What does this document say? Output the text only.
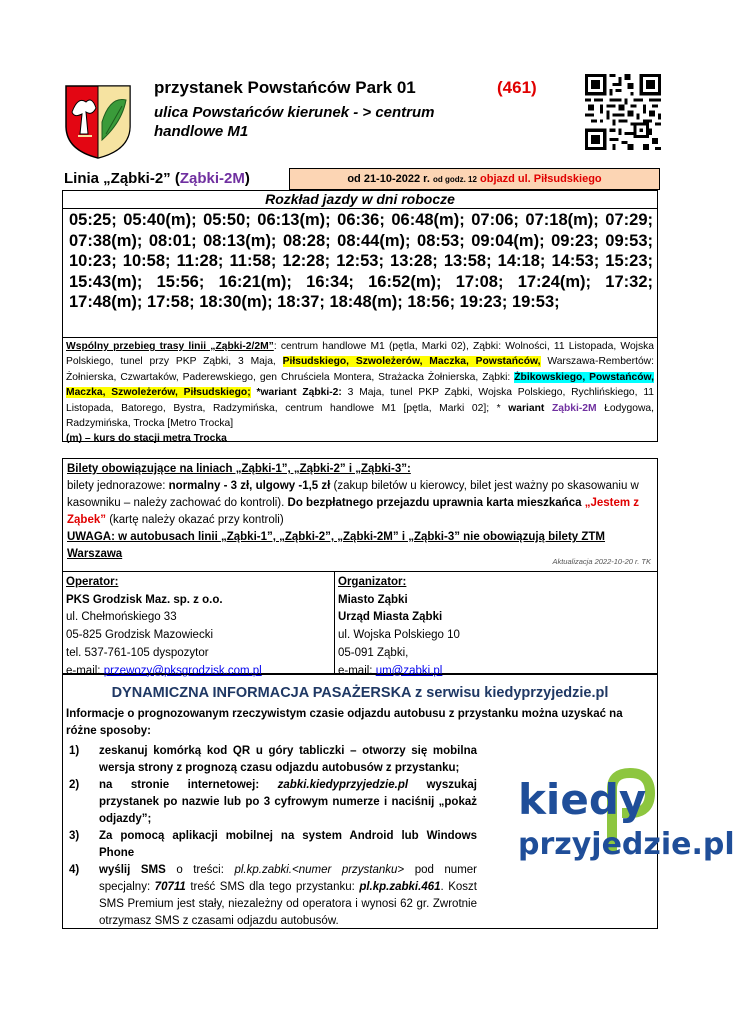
przystanek Powstańców Park 01	(461)
ulica Powstańców kierunek - > centrum
handlowe M1
Linia „Ząbki-2” (Ząbki-2M)	od 21-10-2022 r. od godz. 12 objazd ul. Piłsudskiego
Rozkład jazdy w dni robocze
05:25; 05:40(m); 05:50; 06:13(m); 06:36; 06:48(m); 07:06; 07:18(m); 07:29; 07:38(m); 08:01; 08:13(m); 08:28; 08:44(m); 08:53; 09:04(m); 09:23; 09:53; 10:23; 10:58; 11:28; 11:58; 12:28; 12:53; 13:28; 13:58; 14:18; 14:53; 15:23; 15:43(m); 15:56; 16:21(m); 16:34; 16:52(m); 17:08; 17:24(m); 17:32; 17:48(m); 17:58; 18:30(m); 18:37; 18:48(m); 18:56; 19:23; 19:53;
Wspólny przebieg trasy linii „Ząbki-2/2M”: centrum handlowe M1 (pętla, Marki 02), Ząbki: Wolności, 11 Listopada, Wojska Polskiego, tunel przy PKP Ząbki, 3 Maja, Piłsudskiego, Szwoleżerów, Maczka, Powstańców, Warszawa-Rembertów: Żołnierska, Czwartaków, Paderewskiego, gen Chruściela Montera, Strażacka Żołnierska, Ząbki: Żbikowskiego, Powstańców, Maczka, Szwoleżerów, Piłsudskiego; *wariant Ząbki-2: 3 Maja, tunel PKP Ząbki, Wojska Polskiego, Rychlińskiego, 11 Listopada, Batorego, Bystra, Radzymińska, centrum handlowe M1 [pętla, Marki 02]; * wariant Ząbki-2M Łodygowa, Radzymińska, Trocka [Metro Trocka]
(m) – kurs do stacji metra Trocka
Bilety obowiązujące na liniach „Ząbki-1”, „Ząbki-2” i „Ząbki-3”:
bilety jednorazowe: normalny - 3 zł, ulgowy -1,5 zł (zakup biletów u kierowcy, bilet jest ważny po skasowaniu w kasowniku – należy zachować do kontroli). Do bezpłatnego przejazdu uprawnia karta mieszkańca „Jestem z Ząbek” (kartę należy okazać przy kontroli)
UWAGA: w autobusach linii „Ząbki-1”, „Ząbki-2”, „Ząbki-2M” i „Ząbki-3” nie obowiązują bilety ZTM Warszawa
Aktualizacja 2022-10-20 r. TK
Operator:
PKS Grodzisk Maz. sp. z o.o.
ul. Chełmońskiego 33
05-825 Grodzisk Mazowiecki
tel. 537-761-105 dyspozytor
e-mail: przewozy@pksgrodzisk.com.pl
Organizator:
Miasto Ząbki
Urząd Miasta Ząbki
ul. Wojska Polskiego 10
05-091 Ząbki,
e-mail: um@zabki.pl
DYNAMICZNA INFORMACJA PASAŻERSKA z serwisu kiedyprzyjedzie.pl
Informacje o prognozowanym rzeczywistym czasie odjazdu autobusu z przystanku można uzyskać na różne sposoby:
1) zeskanuj komórką kod QR u góry tabliczki – otworzy się mobilna wersja strony z prognozą czasu odjazdu autobusów z przystanku;
2) na stronie internetowej: zabki.kiedyprzyjedzie.pl wyszukaj przystanek po nazwie lub po 3 cyfrowym numerze i naciśnij „pokaż odjazdy”;
3) Za pomocą aplikacji mobilnej na system Android lub Windows Phone
4) wyślij SMS o treści: pl.kp.zabki.<numer przystanku> pod numer specjalny: 70711 treść SMS dla tego przystanku: pl.kp.zabki.461. Koszt SMS Premium jest stały, niezależny od operatora i wynosi 62 gr. Zwrotnie otrzymasz SMS z czasami odjazdu autobusów.
kiedy
przyjedzie.pl
